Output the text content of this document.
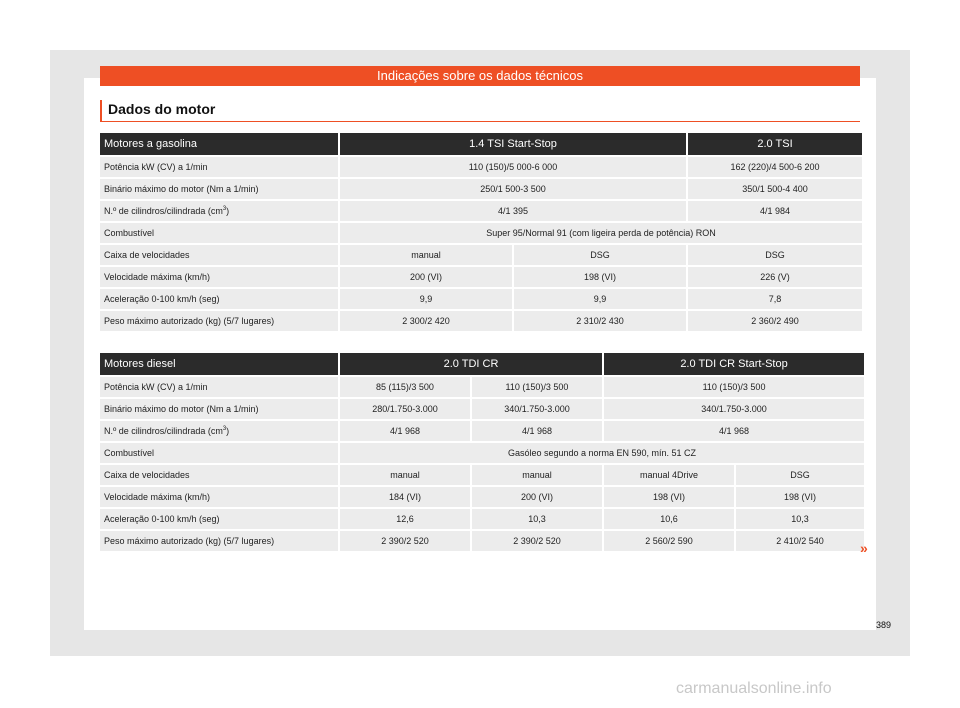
Indicações sobre os dados técnicos
Dados do motor
Motores a gasolina	1.4 TSI Start-Stop		2.0 TSI
Potência kW (CV) a 1/min	110 (150)/5 000-6 000		162 (220)/4 500-6 200
Binário máximo do motor (Nm a 1/min)	250/1 500-3 500		350/1 500-4 400
N.º de cilindros/cilindrada $(cm^3)$	4/1 395		4/1 984
Combustível	Super 95/Normal 91 (com ligeira perda de potência) RON		
Caixa de velocidades	manual	DSG	DSG
Velocidade máxima (km/h)	200 (VI)	198 (VI)	226 (V)
Aceleração 0-100 km/h (seg)	9,9	9,9	7,8
Peso máximo autorizado (kg) (5/7 lugares)	2 300/2 420	2 310/2 430	2 360/2 490
Motores diesel	2.0 TDI CR		2.0 TDI CR Start-Stop	
Potência kW (CV) a 1/min	85 (115)/3 500	110 (150)/3 500	110 (150)/3 500	
Binário máximo do motor (Nm a 1/min)	280/1.750-3.000	340/1.750-3.000	340/1.750-3.000	
N.º de cilindros/cilindrada $(cm^3)$	4/1 968	4/1 968	4/1 968	
Combustível	Gasóleo segundo a norma EN 590, mín. 51 CZ			
Caixa de velocidades	manual	manual	manual 4Drive	DSG
Velocidade máxima (km/h)	184 (VI)	200 (VI)	198 (VI)	198 (VI)
Aceleração 0-100 km/h (seg)	12,6	10,3	10,6	10,3
Peso máximo autorizado (kg) (5/7 lugares)	2 390/2 520	2 390/2 520	2 560/2 590	2 410/2 540	»
389
carmanualsonline.info
